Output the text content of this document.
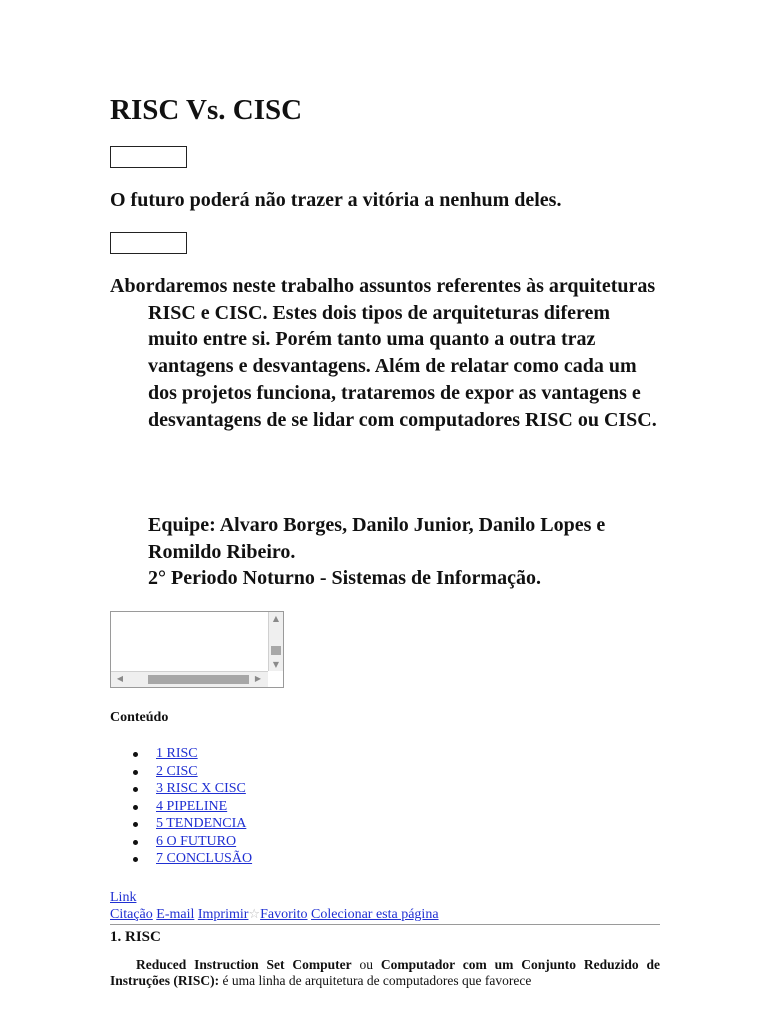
RISC Vs. CISC

O futuro poderá não trazer a vitória a nenhum deles.

Abordaremos neste trabalho assuntos referentes às arquiteturas RISC e CISC. Estes dois tipos de arquiteturas diferem muito entre si. Porém tanto uma quanto a outra traz vantagens e desvantagens. Além de relatar como cada um dos projetos funciona, trataremos de expor as vantagens e desvantagens de se lidar com computadores RISC ou CISC.

Equipe: Alvaro Borges, Danilo Junior, Danilo Lopes e Romildo Ribeiro.
2° Periodo Noturno - Sistemas de Informação.
▲
▼
◀	▶

Conteúdo

1 RISC
2 CISC
3 RISC X CISC
4 PIPELINE
5 TENDENCIA
6 O FUTURO
7 CONCLUSÃO
Link
Citação E-mail Imprimir☆Favorito Colecionar esta página
1. RISC

Reduced Instruction Set Computer ou Computador com um Conjunto Reduzido de Instruções (RISC): é uma linha de arquitetura de computadores que favorece
